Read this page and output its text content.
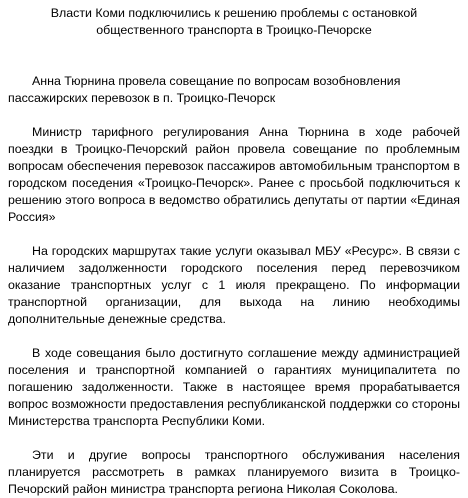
Власти Коми подключились к решению проблемы с остановкой общественного транспорта в Троицко-Печорске

Анна Тюрнина провела совещание по вопросам возобновления пассажирских перевозок в п. Троицко-Печорск

Министр тарифного регулирования Анна Тюрнина в ходе рабочей поездки в Троицко-Печорский район провела совещание по проблемным вопросам обеспечения перевозок пассажиров автомобильным транспортом в городском поседения «Троицко-Печорск». Ранее с просьбой подключиться к решению этого вопроса в ведомство обратились депутаты от партии «Единая Россия»

На городских маршрутах такие услуги оказывал МБУ «Ресурс». В связи с наличием задолженности городского поселения перед перевозчиком оказание транспортных услуг с 1 июля прекращено. По информации транспортной организации, для выхода на линию необходимы дополнительные денежные средства.

В ходе совещания было достигнуто соглашение между администрацией поселения и транспортной компанией о гарантиях муниципалитета по погашению задолженности. Также в настоящее время прорабатывается вопрос возможности предоставления республиканской поддержки со стороны Министерства транспорта Республики Коми.

Эти и другие вопросы транспортного обслуживания населения планируется рассмотреть в рамках планируемого визита в Троицко-Печорский район министра транспорта региона Николая Соколова.
